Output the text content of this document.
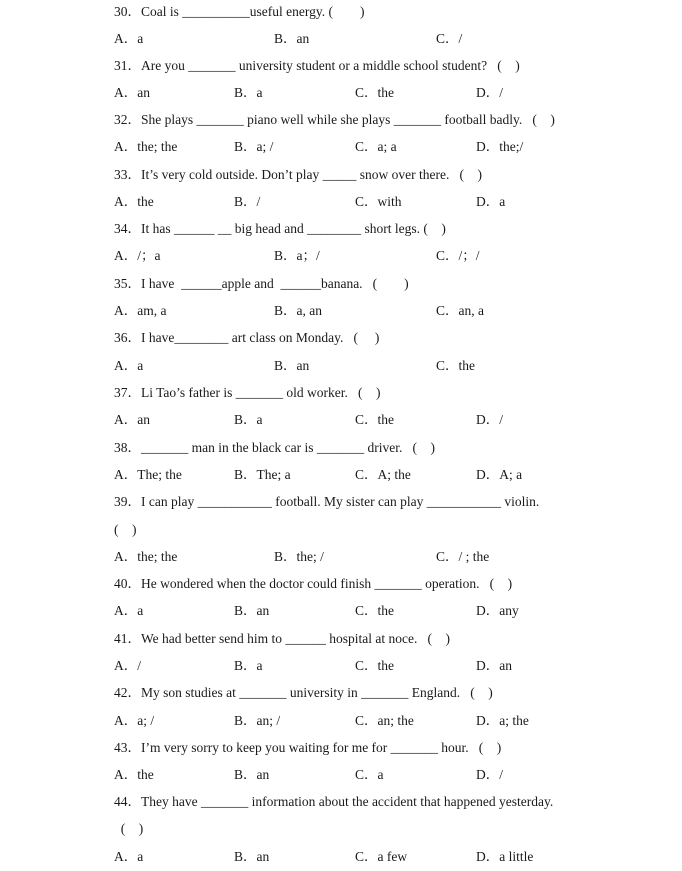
30．Coal is __________useful energy. (        )
A．a	B．an	C．/
31．Are you _______ university student or a middle school student?   (    )
A．an	B．a	C．the	D．/
32．She plays _______ piano well while she plays _______ football badly.   (    )
A．the; the	B．a; /	C．a; a	D．the;/
33．It’s very cold outside. Don’t play _____ snow over there.   (    )
A．the	B．/	C．with	D．a
34．It has ______ __ big head and ________ short legs. (    )
A．/；a	B．a；/	C．/；/
35．I have  ______apple and  ______banana.   (        )
A．am, a	B．a, an	C．an, a
36．I have________ art class on Monday.   (     )
A．a	B．an	C．the
37．Li Tao’s father is _______ old worker.   (    )
A．an	B．a	C．the	D．/
38．_______ man in the black car is _______ driver.   (    )
A．The; the	B．The; a	C．A; the	D．A; a
39．I can play ___________ football. My sister can play ___________ violin.
(    )
A．the; the	B．the; /	C．/ ; the
40．He wondered when the doctor could finish _______ operation.   (    )
A．a	B．an	C．the	D．any
41．We had better send him to ______ hospital at noce.   (    )
A．/	B．a	C．the	D．an
42．My son studies at _______ university in _______ England.   (    )
A．a; /	B．an; /	C．an; the	D．a; the
43．I’m very sorry to keep you waiting for me for _______ hour.   (    )
A．the	B．an	C．a	D．/
44．They have _______ information about the accident that happened yesterday.
(    )
A．a	B．an	C．a few	D．a little
